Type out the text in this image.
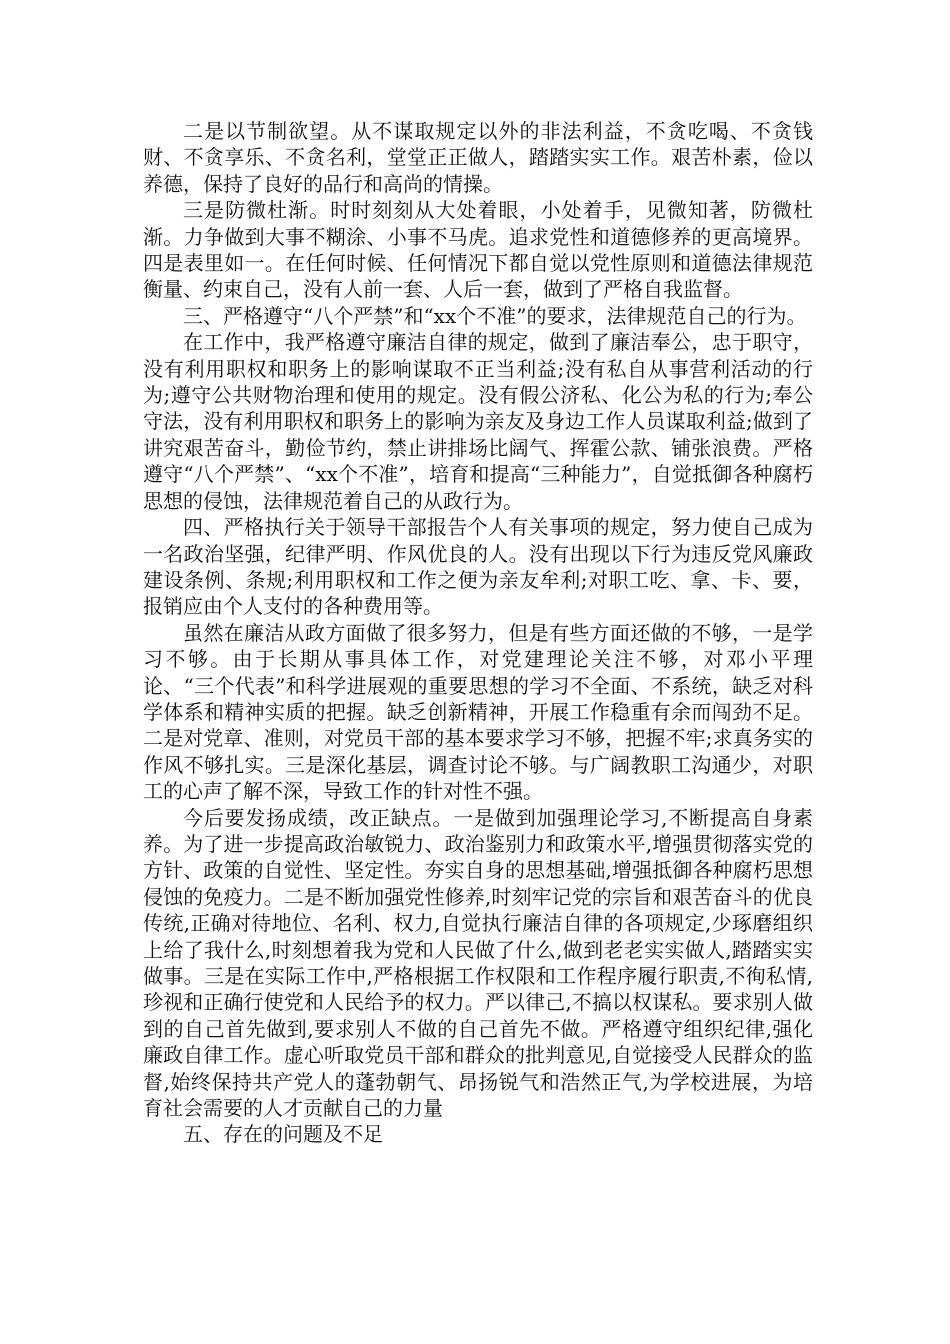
二是以节制欲望。从不谋取规定以外的非法利益，不贪吃喝、不贪钱财、不贪享乐、不贪名利，堂堂正正做人，踏踏实实工作。艰苦朴素，俭以养德，保持了良好的品行和高尚的情操。

三是防微杜渐。时时刻刻从大处着眼，小处着手，见微知著，防微杜渐。力争做到大事不糊涂、小事不马虎。追求党性和道德修养的更高境界。四是表里如一。在任何时候、任何情况下都自觉以党性原则和道德法律规范衡量、约束自己，没有人前一套、人后一套，做到了严格自我监督。

三、严格遵守“八个严禁”和“xx个不准”的要求，法律规范自己的行为。

在工作中，我严格遵守廉洁自律的规定，做到了廉洁奉公，忠于职守，没有利用职权和职务上的影响谋取不正当利益;没有私自从事营利活动的行为;遵守公共财物治理和使用的规定。没有假公济私、化公为私的行为;奉公守法，没有利用职权和职务上的影响为亲友及身边工作人员谋取利益;做到了讲究艰苦奋斗，勤俭节约，禁止讲排场比阔气、挥霍公款、铺张浪费。严格遵守“八个严禁”、“xx个不准”，培育和提高“三种能力”，自觉抵御各种腐朽思想的侵蚀，法律规范着自己的从政行为。

四、严格执行关于领导干部报告个人有关事项的规定，努力使自己成为一名政治坚强，纪律严明、作风优良的人。没有出现以下行为违反党风廉政建设条例、条规;利用职权和工作之便为亲友牟利;对职工吃、拿、卡、要，报销应由个人支付的各种费用等。

虽然在廉洁从政方面做了很多努力，但是有些方面还做的不够，一是学习不够。由于长期从事具体工作，对党建理论关注不够，对邓小平理论、“三个代表”和科学进展观的重要思想的学习不全面、不系统，缺乏对科学体系和精神实质的把握。缺乏创新精神，开展工作稳重有余而闯劲不足。二是对党章、准则，对党员干部的基本要求学习不够，把握不牢;求真务实的作风不够扎实。三是深化基层，调查讨论不够。与广阔教职工沟通少，对职工的心声了解不深，导致工作的针对性不强。

今后要发扬成绩，改正缺点。一是做到加强理论学习,不断提高自身素养。为了进一步提高政治敏锐力、政治鉴别力和政策水平,增强贯彻落实党的方针、政策的自觉性、坚定性。夯实自身的思想基础,增强抵御各种腐朽思想侵蚀的免疫力。二是不断加强党性修养,时刻牢记党的宗旨和艰苦奋斗的优良传统,正确对待地位、名利、权力,自觉执行廉洁自律的各项规定,少琢磨组织上给了我什么,时刻想着我为党和人民做了什么,做到老老实实做人,踏踏实实做事。三是在实际工作中,严格根据工作权限和工作程序履行职责,不徇私情,珍视和正确行使党和人民给予的权力。严以律己,不搞以权谋私。要求别人做到的自己首先做到,要求别人不做的自己首先不做。严格遵守组织纪律,强化廉政自律工作。虚心听取党员干部和群众的批判意见,自觉接受人民群众的监督,始终保持共产党人的蓬勃朝气、昂扬锐气和浩然正气,为学校进展，为培育社会需要的人才贡献自己的力量

五、存在的问题及不足
